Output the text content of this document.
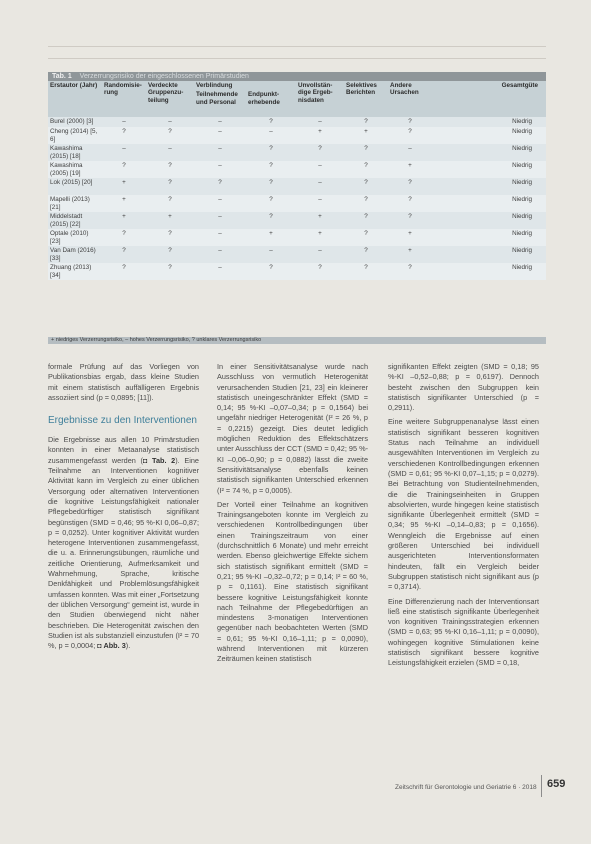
Tab. 1 Verzerrungsrisiko der eingeschlossenen Primärstudien
Erstautor (Jahr)	Randomisie-rung	Verdeckte Gruppenzu-teilung	Verblindung		Unvollstän-dige Ergeb-nisdaten	Selektives Berichten	Andere Ursachen	Gesamtgüte
			Teilnehmende und Personal	Endpunkt-erhebende				
Burel (2000) [3]	–	–	–	?	–	?	?	Niedrig
Cheng (2014) [5, 6]	?	?	–	–	+	+	?	Niedrig
Kawashima (2015) [18]	–	–	–	?	?	?	–	Niedrig
Kawashima (2005) [19]	?	?	–	?	–	?	+	Niedrig
Lok (2015) [20]	+	?	?	?	–	?	?	Niedrig
Mapelli (2013) [21]	+	?	–	?	–	?	?	Niedrig
Middelstadt (2015) [22]	+	+	–	?	+	?	?	Niedrig
Optale (2010) [23]	?	?	–	+	+	?	+	Niedrig
Van Dam (2016) [33]	?	?	–	–	–	?	+	Niedrig
Zhuang (2013) [34]	?	?	–	?	?	?	?	Niedrig
+ niedriges Verzerrungsrisiko, – hohes Verzerrungsrisiko, ? unklares Verzerrungsrisiko

formale Prüfung auf das Vorliegen von Publikationsbias ergab, dass kleine Studien mit einem statistisch auffälligeren Ergebnis assoziiert sind (p = 0,0895; [11]).

Ergebnisse zu den Interventionen

Die Ergebnisse aus allen 10 Primärstudien konnten in einer Metaanalyse statistisch zusammengefasst werden (◘ Tab. 2). Eine Teilnahme an Interventionen kognitiver Aktivität kann im Vergleich zu einer üblichen Versorgung oder alternativen Interventionen die kognitive Leistungsfähigkeit nationaler Pflegebedürftiger statistisch signifikant begünstigen (SMD = 0,46; 95 %-KI 0,06–0,87; p = 0,0252). Unter kognitiver Aktivität wurden heterogene Interventionen zusammengefasst, die u. a. Erinnerungsübungen, räumliche und zeitliche Orientierung, Aufmerksamkeit und Wahrnehmung, Sprache, kritische Denkfähigkeit und Problemlösungsfähigkeit umfassen konnten. Was mit einer „Fortsetzung der üblichen Versorgung“ gemeint ist, wurde in den Studien überwiegend nicht näher beschrieben. Die Heterogenität zwischen den Studien ist als substanziell einzustufen (I² = 70 %, p = 0,0004; ◘ Abb. 3).

In einer Sensitivitätsanalyse wurde nach Ausschluss von vermutlich Heterogenität verursachenden Studien [21, 23] ein kleinerer statistisch uneingeschränkter Effekt (SMD = 0,14; 95 %-KI –0,07–0,34; p = 0,1564) bei ungefähr niedriger Heterogenität (I² = 26 %, p = 0,2215) gezeigt. Dies deutet lediglich möglichen Reduktion des Effektschätzers unter Ausschluss der CCT (SMD = 0,42; 95 %-KI –0,06–0,90; p = 0,0882) lässt die zweite Sensitivitätsanalyse ebenfalls keinen statistisch signifikanten Unterschied erkennen (I² = 74 %, p = 0,0005).

Der Vorteil einer Teilnahme an kognitiven Trainingsangeboten konnte im Vergleich zu verschiedenen Kontrollbedingungen über einen Trainingszeitraum von einer (durchschnittlich 6 Monate) und mehr erreicht werden. Ebenso gleichwertige Effekte sichern sich statistisch signifikant ermittelt (SMD = 0,21; 95 %-KI –0,32–0,72; p = 0,14; I² = 60 %, p = 0,1161). Eine statistisch signifikant bessere kognitive Leistungsfähigkeit konnte nach Teilnahme der Pflegebedürftigen an mindestens 3-monatigen Interventionen gegenüber nach beobachteten Werten (SMD = 0,61; 95 %-KI 0,16–1,11; p = 0,0090), während Interventionen mit kürzeren Zeiträumen keinen statistisch

signifikanten Effekt zeigten (SMD = 0,18; 95 %-KI –0,52–0,88; p = 0,6197). Dennoch besteht zwischen den Subgruppen kein statistisch signifikanter Unterschied (p = 0,2911).

Eine weitere Subgruppenanalyse lässt einen statistisch signifikant besseren kognitiven Status nach Teilnahme an individuell ausgewählten Interventionen im Vergleich zu verschiedenen Kontrollbedingungen erkennen (SMD = 0,61; 95 %-KI 0,07–1,15; p = 0,0279). Bei Betrachtung von Studienteilnehmenden, die die Trainingseinheiten in Gruppen absolvierten, wurde hingegen keine statistisch signifikante Überlegenheit ermittelt (SMD = 0,34; 95 %-KI –0,14–0,83; p = 0,1656). Wenngleich die Ergebnisse auf einen größeren Unterschied bei individuell ausgerichteten Interventionsformaten hindeuten, fällt ein Vergleich beider Subgruppen statistisch nicht signifikant aus (p = 0,3714).

Eine Differenzierung nach der Interventionsart ließ eine statistisch signifikante Überlegenheit von kognitiven Trainingsstrategien erkennen (SMD = 0,63; 95 %-KI 0,16–1,11; p = 0,0090), wohingegen kognitive Stimulationen keine statistisch signifikant bessere kognitive Leistungsfähigkeit erzielen (SMD = 0,18,

Zeitschrift für Gerontologie und Geriatrie 6 · 2018 659
